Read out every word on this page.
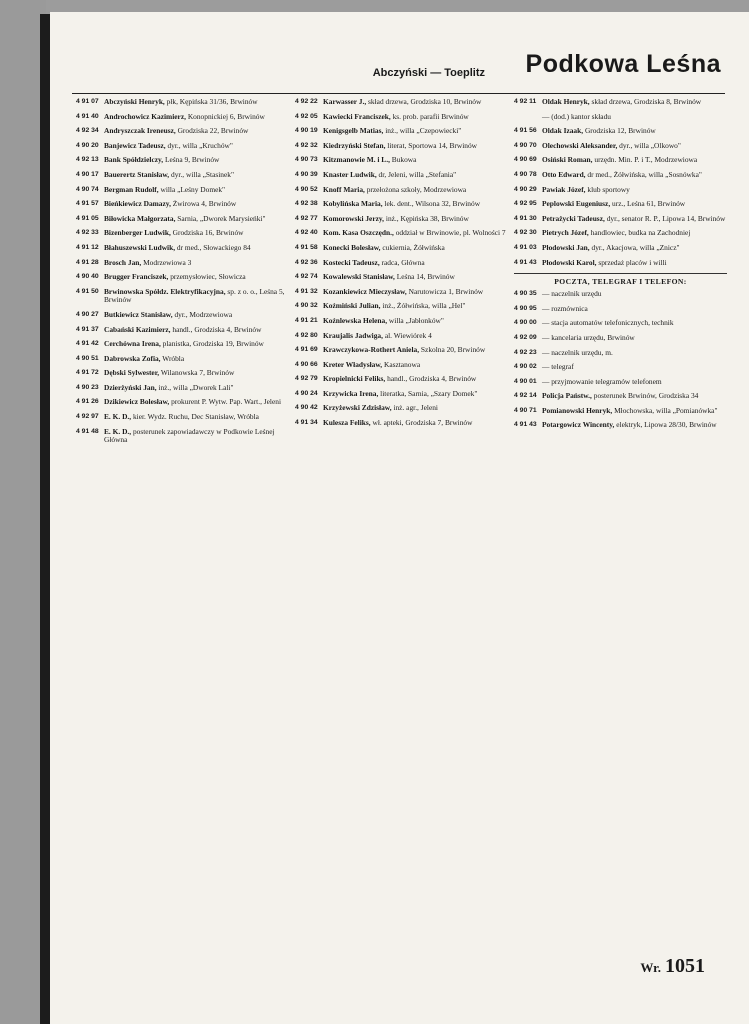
Abczyński — Toeplitz Podkowa Leśna
4 91 07 Abczyński Henryk, płk, Kępińska 31/36, Brwinów
4 91 40 Androchowicz Kazimierz, Konopnickiej 6, Brwinów
4 92 34 Andryszczak Ireneusz, Grodziska 22, Brwinów
4 90 20 Banjewicz Tadeusz, dyr., willa „Kruchów"
4 92 13 Bank Spółdzielczy, Leśna 9, Brwinów
4 90 17 Bauerertz Stanisław, dyr., willa „Stasinek"
4 90 74 Bergman Rudolf, willa „Leśny Domek"
4 91 57 Bieńkiewicz Damazy, Żwirowa 4, Brwinów
4 91 05 Biłowicka Małgorzata, Sarnia, „Dworek Marysieńki"
4 92 33 Bizenberger Ludwik, Grodziska 16, Brwinów
4 91 12 Błahuszewski Ludwik, dr med., Słowackiego 84
4 91 28 Brosch Jan, Modrzewiowa 3
4 90 40 Brugger Franciszek, przemysłowiec, Słowicza
4 91 50 Brwinowska Spółdz. Elektryfikacyjna, sp. z o. o., Leśna 5, Brwinów
4 90 27 Butkiewicz Stanisław, dyr., Modrzewiowa
4 91 37 Cabański Kazimierz, handl., Grodziska 4, Brwinów
4 91 42 Cerchówna Irena, planistka, Grodziska 19, Brwinów
4 90 51 Dabrowska Zofia, Wróbla
4 91 72 Dębski Sylwester, Wilanowska 7, Brwinów
4 90 23 Dzierżyński Jan, inż., willa „Dworek Lali"
4 91 26 Dzikiewicz Bolesław, prokurent P. Wytw. Pap. Wart., Jeleni
4 92 97 E. K. D., kier. Wydz. Ruchu, Dec Stanisław, Wróbla
4 91 48 E. K. D., posterunek zapowiadawczy w Podkowie Leśnej Główna
4 92 22 Karwasser J., skład drzewa, Grodziska 10, Brwinów
4 92 05 Kawiecki Franciszek, ks. prob. parafii Brwinów
4 90 19 Kenigsgelb Matias, inż., willa „Czepowiecki"
4 92 32 Kiedrzyński Stefan, literat, Sportowa 14, Brwinów
4 90 73 Kitzmanowie M. i L., Bukowa
4 90 39 Knaster Ludwik, dr, Jeleni, willa „Stefania"
4 90 52 Knoff Maria, przełożona szkoły, Modrzewiowa
4 92 38 Kobylińska Maria, lek. dent., Wilsona 32, Brwinów
4 92 77 Komorowski Jerzy, inż., Kępińska 38, Brwinów
4 92 40 Kom. Kasa Oszczędn., oddział w Brwinowie, pl. Wolności 7
4 91 58 Konecki Bolesław, cukiernia, Żółwińska
4 92 36 Kostecki Tadeusz, radca, Główna
4 92 74 Kowalewski Stanisław, Leśna 14, Brwinów
4 91 32 Kozankiewicz Mieczysław, Narutowicza 1, Brwinów
4 90 32 Koźmiński Julian, inż., Żółwińska, willa „Hel"
4 91 21 Koźnlewska Helena, willa „Jabłonków"
4 92 80 Kraujalis Jadwiga, al. Wiewiórek 4
4 91 69 Krawczykowa-Rothert Aniela, Szkolna 20, Brwinów
4 90 66 Kreter Władysław, Kasztanowa
4 92 79 Kropielnicki Feliks, handl., Grodziska 4, Brwinów
4 90 24 Krzywicka Irena, literatka, Sarnia, „Szary Domek"
4 90 42 Krzyżewski Zdzisław, inż. agr., Jeleni
4 91 34 Kulesza Feliks, wł. apteki, Grodziska 7, Brwinów
4 92 11 Oldak Henryk, skład drzewa, Grodziska 8, Brwinów
— (dod.) kantor składu
4 91 56 Oldak Izaak, Grodziska 12, Brwinów
4 90 70 Olechowski Aleksander, dyr., willa „Olkowo"
4 90 69 Osiński Roman, urzędn. Min. P. i T., Modrzewiowa
4 90 78 Otto Edward, dr med., Żółwińska, willa „Sosnówka"
4 90 29 Pawiak Józef, klub sportowy
4 92 95 Peplowski Eugeniusz, urz., Leśna 61, Brwinów
4 91 30 Petrażycki Tadeusz, dyr., senator R. P., Lipowa 14, Brwinów
4 92 30 Pietrych Józef, handlowiec, budka na Zachodniej
4 91 03 Płodowski Jan, dyr., Akacjowa, willa „Znicz"
4 91 43 Płodowski Karol, sprzedaż placów i willi
POCZTA, TELEGRAF I TELEFON:
4 90 35 — naczelnik urzędu
4 90 95 — rozmównica
4 90 00 — stacja automatów telefonicznych, technik
4 92 09 — kancelaria urzędu, Brwinów
4 92 23 — naczelnik urzędu, m.
4 90 02 — telegraf
4 90 01 — przyjmowanie telegramów telefonem
4 92 14 Policja Państw., posterunek Brwinów, Grodziska 34
4 90 71 Pomianowski Henryk, Młochowska, willa „Pomianówka"
4 91 43 Potargowicz Wincenty, elektryk, Lipowa 28/30, Brwinów
Wr. 1051
